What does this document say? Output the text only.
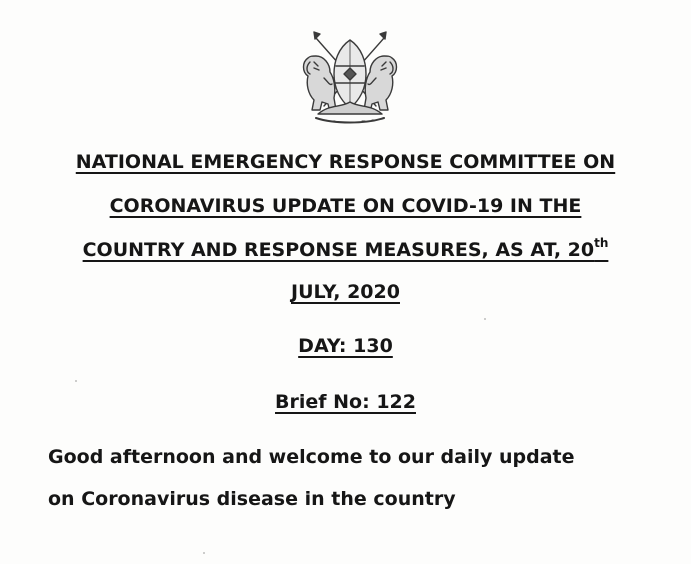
NATIONAL EMERGENCY RESPONSE COMMITTEE ON
CORONAVIRUS UPDATE ON COVID-19 IN THE
COUNTRY AND RESPONSE MEASURES, AS AT, 20th
JULY, 2020
DAY: 130
Brief No: 122
Good afternoon and welcome to our daily update
on Coronavirus disease in the country
